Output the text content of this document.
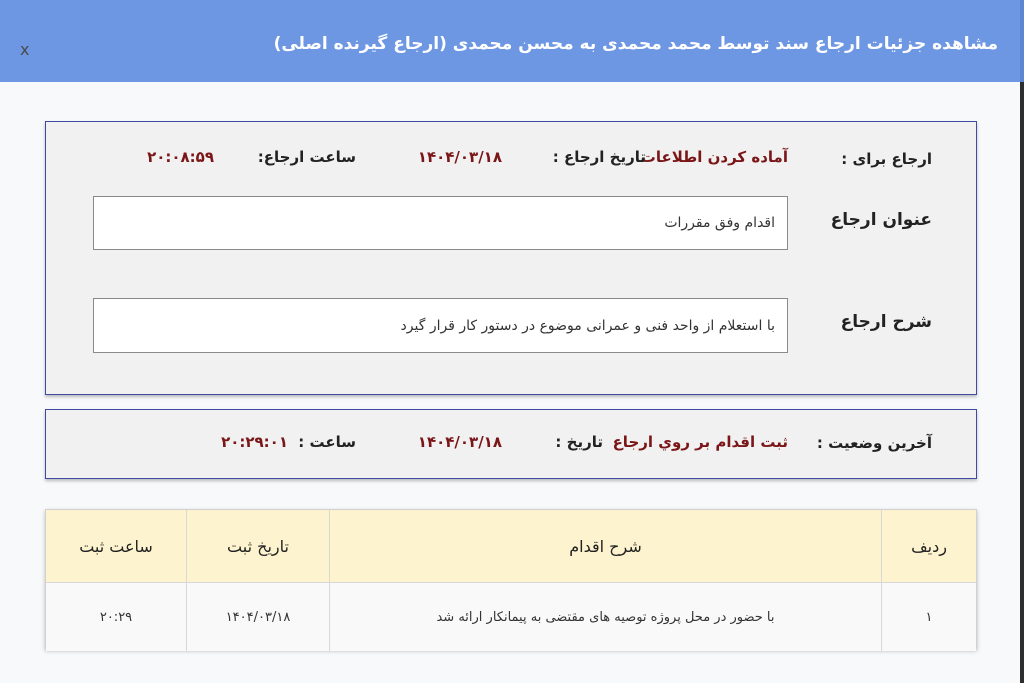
مشاهده جزئیات ارجاع سند توسط محمد محمدی به محسن محمدی (ارجاع گیرنده اصلی)
x
ارجاع برای :
آماده کردن اطلاعات
تاریخ ارجاع :
۱۴۰۴/۰۳/۱۸
ساعت ارجاع:
۲۰:۰۸:۵۹
عنوان ارجاع
اقدام وفق مقررات
شرح ارجاع
با استعلام از واحد فنی و عمرانی موضوع در دستور کار قرار گیرد
آخرین وضعیت :
ثبت اقدام بر روي ارجاع
تاریخ :
۱۴۰۴/۰۳/۱۸
ساعت :
۲۰:۲۹:۰۱
ردیف	شرح اقدام	تاریخ ثبت	ساعت ثبت
۱	با حضور در محل پروژه توصیه های مقتضی به پیمانکار ارائه شد	۱۴۰۴/۰۳/۱۸	۲۰:۲۹
